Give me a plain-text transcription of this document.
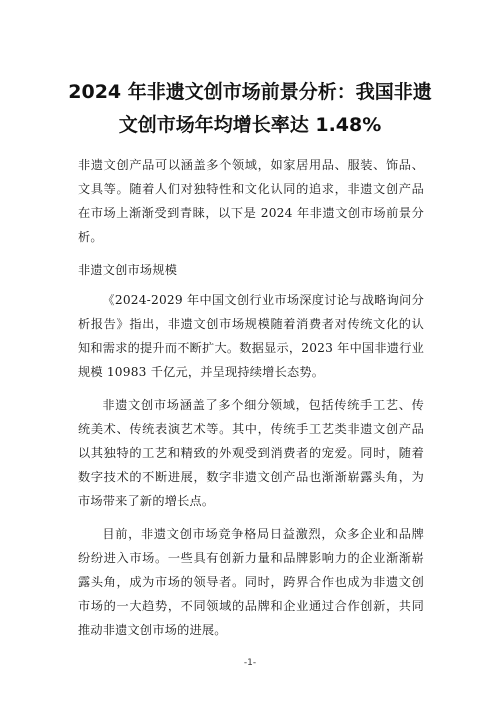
2024 年非遗文创市场前景分析：我国非遗
文创市场年均增长率达 1.48%

非遗文创产品可以涵盖多个领域，如家居用品、服装、饰品、文具等。随着人们对独特性和文化认同的追求，非遗文创产品在市场上渐渐受到青睐，以下是 2024 年非遗文创市场前景分析。

非遗文创市场规模

《2024-2029 年中国文创行业市场深度讨论与战略询问分析报告》指出，非遗文创市场规模随着消费者对传统文化的认知和需求的提升而不断扩大。数据显示，2023 年中国非遗行业规模 10983 千亿元，并呈现持续增长态势。

非遗文创市场涵盖了多个细分领域，包括传统手工艺、传统美术、传统表演艺术等。其中，传统手工艺类非遗文创产品以其独特的工艺和精致的外观受到消费者的宠爱。同时，随着数字技术的不断进展，数字非遗文创产品也渐渐崭露头角，为市场带来了新的增长点。

目前，非遗文创市场竞争格局日益激烈，众多企业和品牌纷纷进入市场。一些具有创新力量和品牌影响力的企业渐渐崭露头角，成为市场的领导者。同时，跨界合作也成为非遗文创市场的一大趋势，不同领域的品牌和企业通过合作创新，共同推动非遗文创市场的进展。

-1-
